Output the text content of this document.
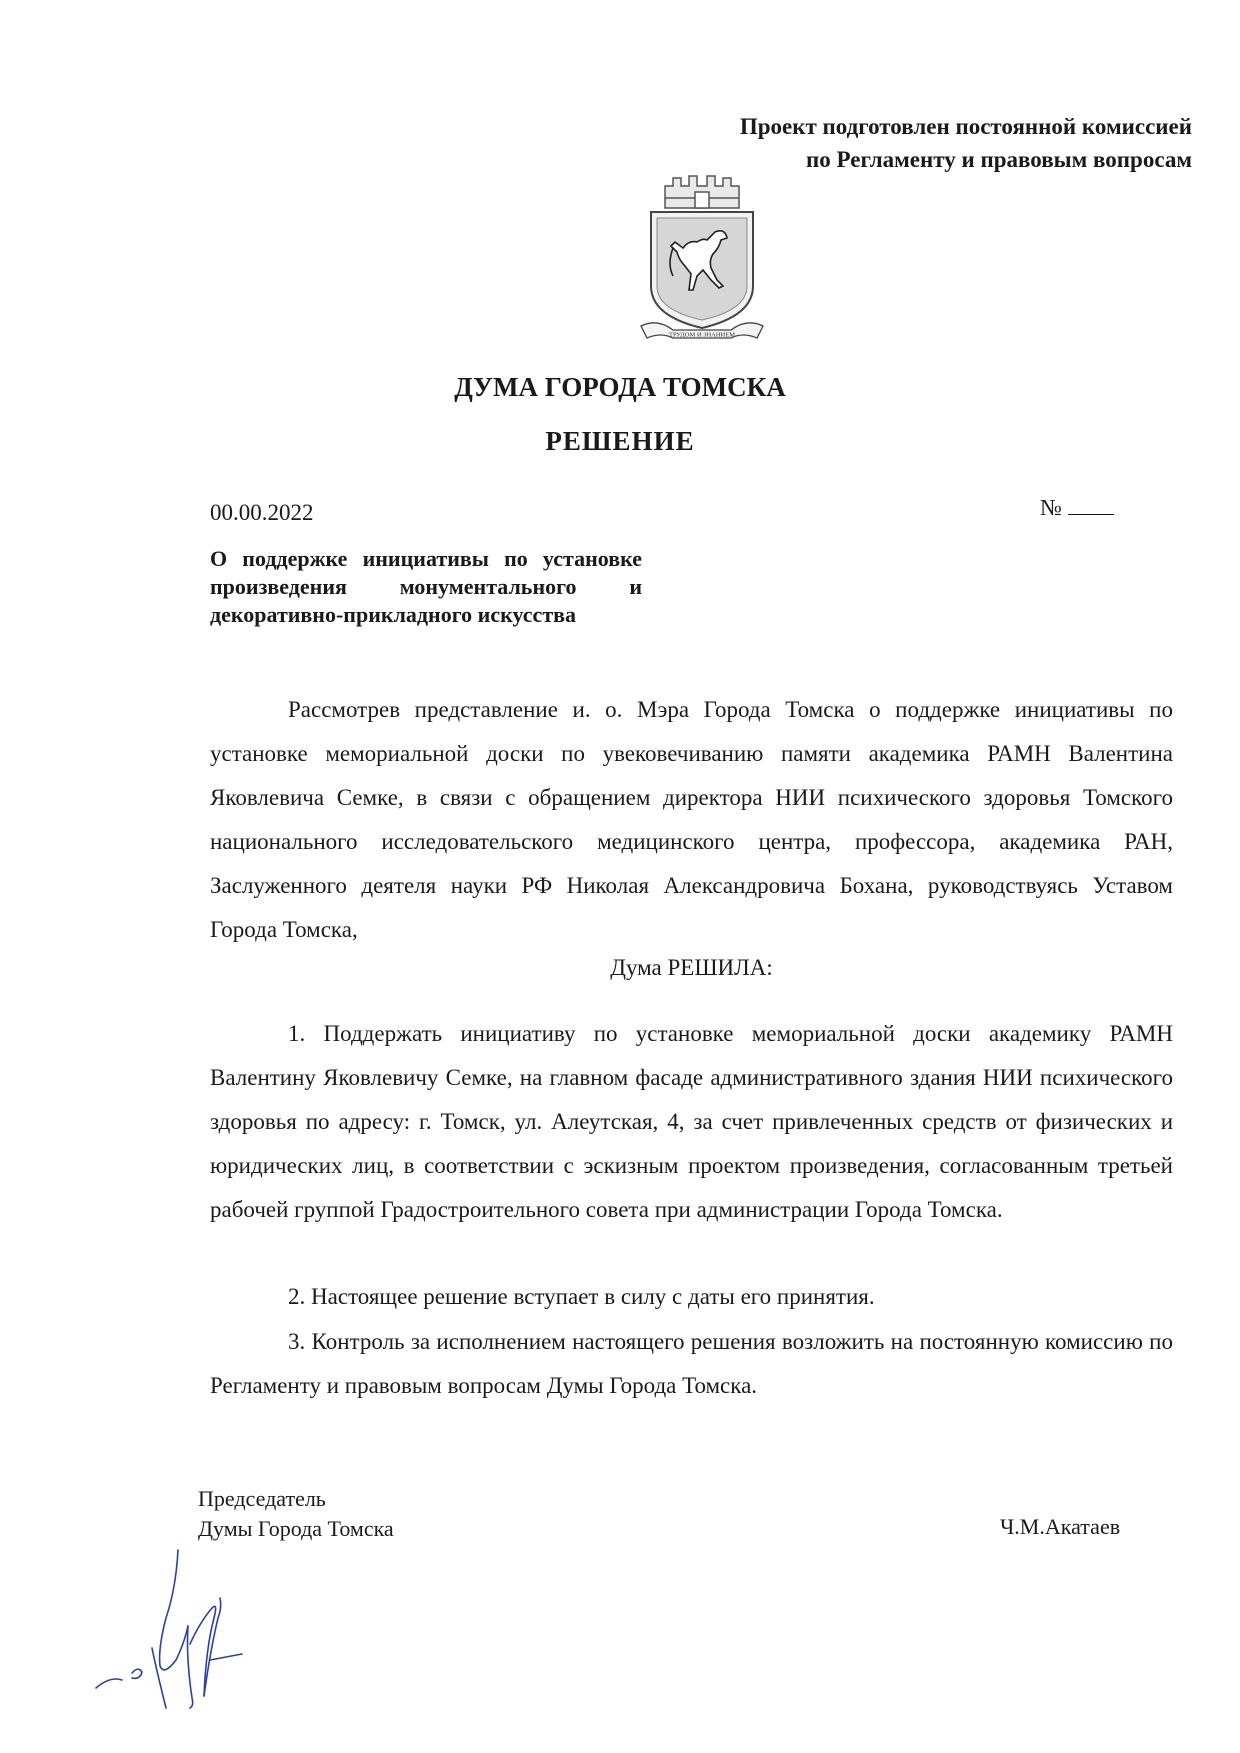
Проект подготовлен постоянной комиссией
по Регламенту и правовым вопросам
ТРУДОМ И ЗНАНИЕМ
ДУМА ГОРОДА ТОМСКА
РЕШЕНИЕ
00.00.2022	№

О поддержке инициативы по установке произведения монументального и декоративно-прикладного искусства

Рассмотрев представление и. о. Мэра Города Томска о поддержке инициативы по установке мемориальной доски по увековечиванию памяти академика РАМН Валентина Яковлевича Семке, в связи с обращением директора НИИ психического здоровья Томского национального исследовательского медицинского центра, профессора, академика РАН, Заслуженного деятеля науки РФ Николая Александровича Бохана, руководствуясь Уставом Города Томска,

Дума РЕШИЛА:

1. Поддержать инициативу по установке мемориальной доски академику РАМН Валентину Яковлевичу Семке, на главном фасаде административного здания НИИ психического здоровья по адресу: г. Томск, ул. Алеутская, 4, за счет привлеченных средств от физических и юридических лиц, в соответствии с эскизным проектом произведения, согласованным третьей рабочей группой Градостроительного совета при администрации Города Томска.

2. Настоящее решение вступает в силу с даты его принятия.

3. Контроль за исполнением настоящего решения возложить на постоянную комиссию по Регламенту и правовым вопросам Думы Города Томска.

Председатель
Думы Города Томска	Ч.М.Акатаев
